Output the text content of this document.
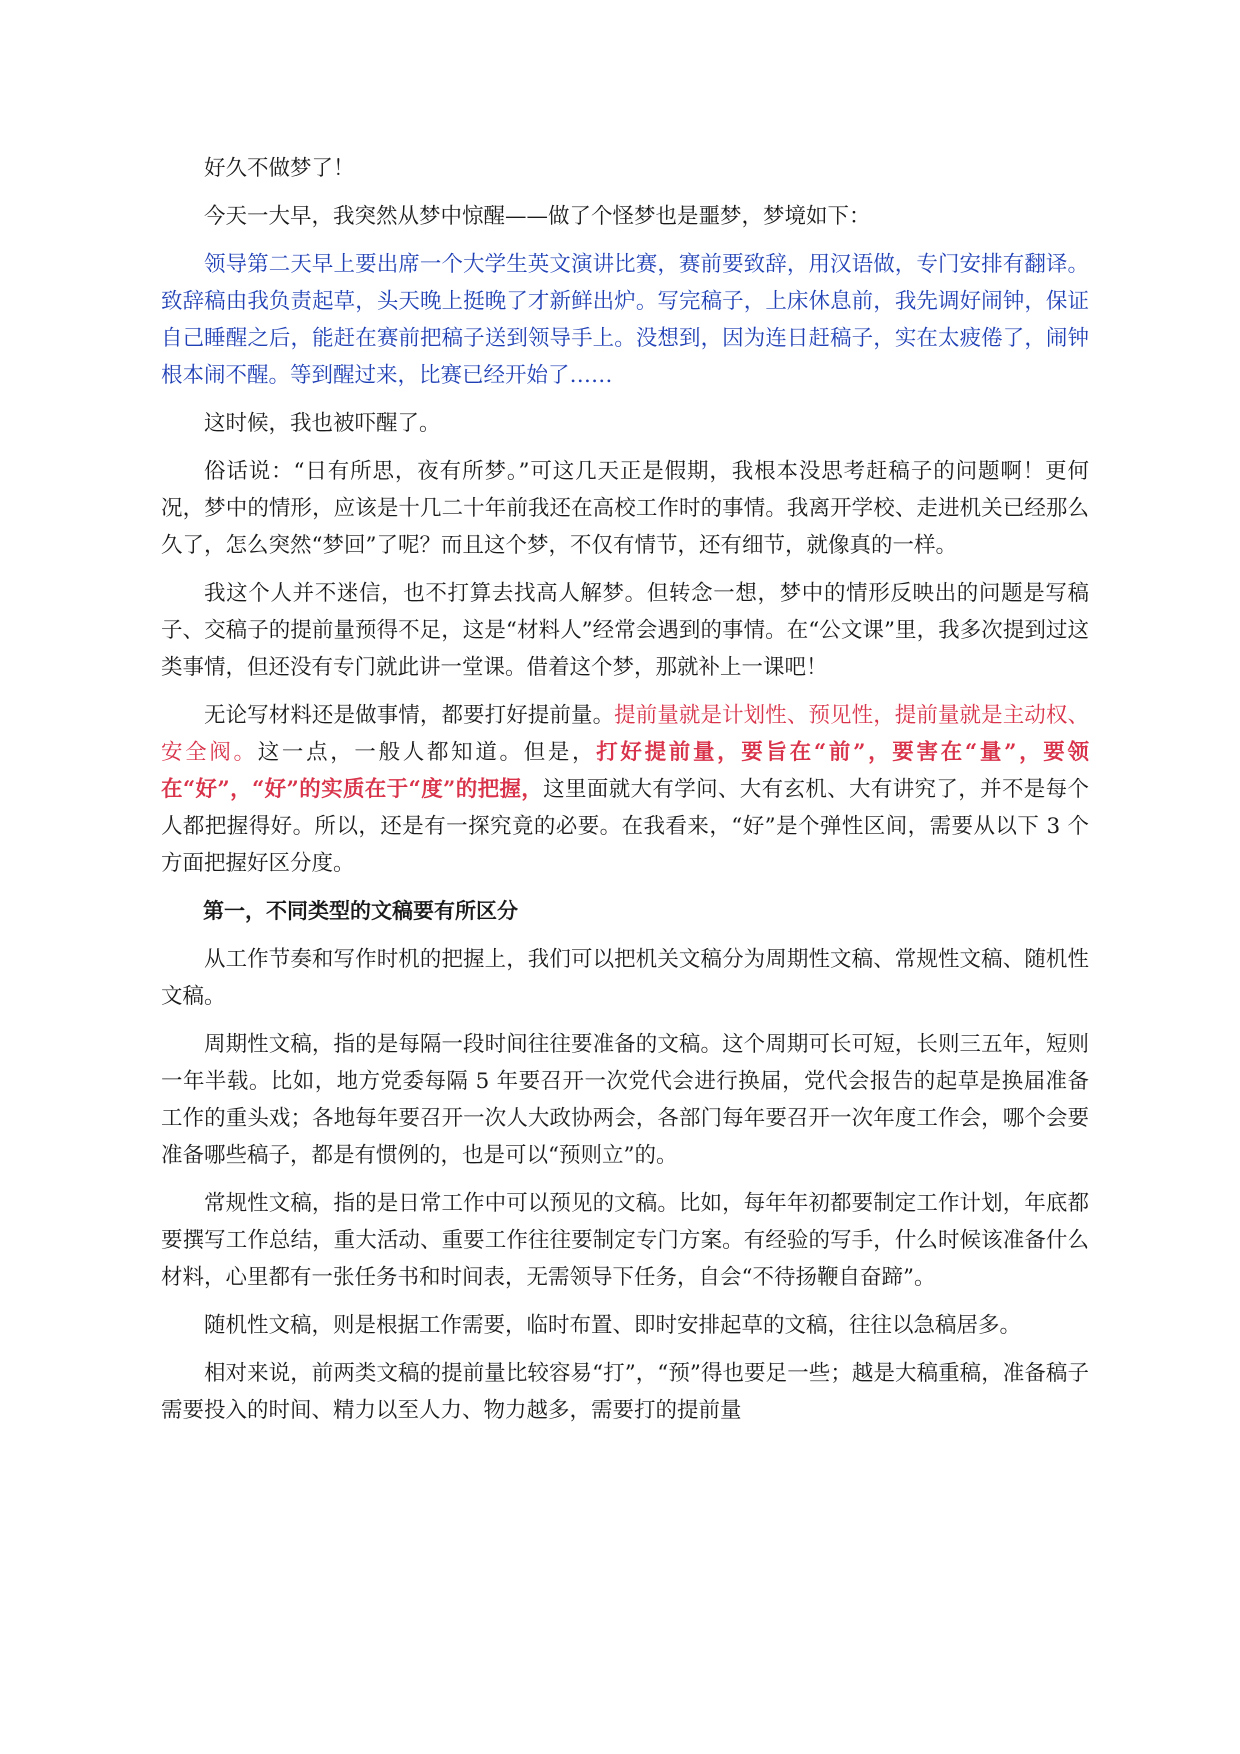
好久不做梦了！

今天一大早，我突然从梦中惊醒——做了个怪梦也是噩梦，梦境如下：

领导第二天早上要出席一个大学生英文演讲比赛，赛前要致辞，用汉语做，专门安排有翻译。致辞稿由我负责起草，头天晚上挺晚了才新鲜出炉。写完稿子，上床休息前，我先调好闹钟，保证自己睡醒之后，能赶在赛前把稿子送到领导手上。没想到，因为连日赶稿子，实在太疲倦了，闹钟根本闹不醒。等到醒过来，比赛已经开始了……

这时候，我也被吓醒了。

俗话说：“日有所思，夜有所梦。”可这几天正是假期，我根本没思考赶稿子的问题啊！更何况，梦中的情形，应该是十几二十年前我还在高校工作时的事情。我离开学校、走进机关已经那么久了，怎么突然“梦回”了呢？而且这个梦，不仅有情节，还有细节，就像真的一样。

我这个人并不迷信，也不打算去找高人解梦。但转念一想，梦中的情形反映出的问题是写稿子、交稿子的提前量预得不足，这是“材料人”经常会遇到的事情。在“公文课”里，我多次提到过这类事情，但还没有专门就此讲一堂课。借着这个梦，那就补上一课吧！

无论写材料还是做事情，都要打好提前量。提前量就是计划性、预见性，提前量就是主动权、安全阀。这一点，一般人都知道。但是，打好提前量，要旨在“前”，要害在“量”，要领在“好”，“好”的实质在于“度”的把握，这里面就大有学问、大有玄机、大有讲究了，并不是每个人都把握得好。所以，还是有一探究竟的必要。在我看来，“好”是个弹性区间，需要从以下 3 个方面把握好区分度。

第一，不同类型的文稿要有所区分

从工作节奏和写作时机的把握上，我们可以把机关文稿分为周期性文稿、常规性文稿、随机性文稿。

周期性文稿，指的是每隔一段时间往往要准备的文稿。这个周期可长可短，长则三五年，短则一年半载。比如，地方党委每隔 5 年要召开一次党代会进行换届，党代会报告的起草是换届准备工作的重头戏；各地每年要召开一次人大政协两会，各部门每年要召开一次年度工作会，哪个会要准备哪些稿子，都是有惯例的，也是可以“预则立”的。

常规性文稿，指的是日常工作中可以预见的文稿。比如，每年年初都要制定工作计划，年底都要撰写工作总结，重大活动、重要工作往往要制定专门方案。有经验的写手，什么时候该准备什么材料，心里都有一张任务书和时间表，无需领导下任务，自会“不待扬鞭自奋蹄”。

随机性文稿，则是根据工作需要，临时布置、即时安排起草的文稿，往往以急稿居多。

相对来说，前两类文稿的提前量比较容易“打”，“预”得也要足一些；越是大稿重稿，准备稿子需要投入的时间、精力以至人力、物力越多，需要打的提前量
